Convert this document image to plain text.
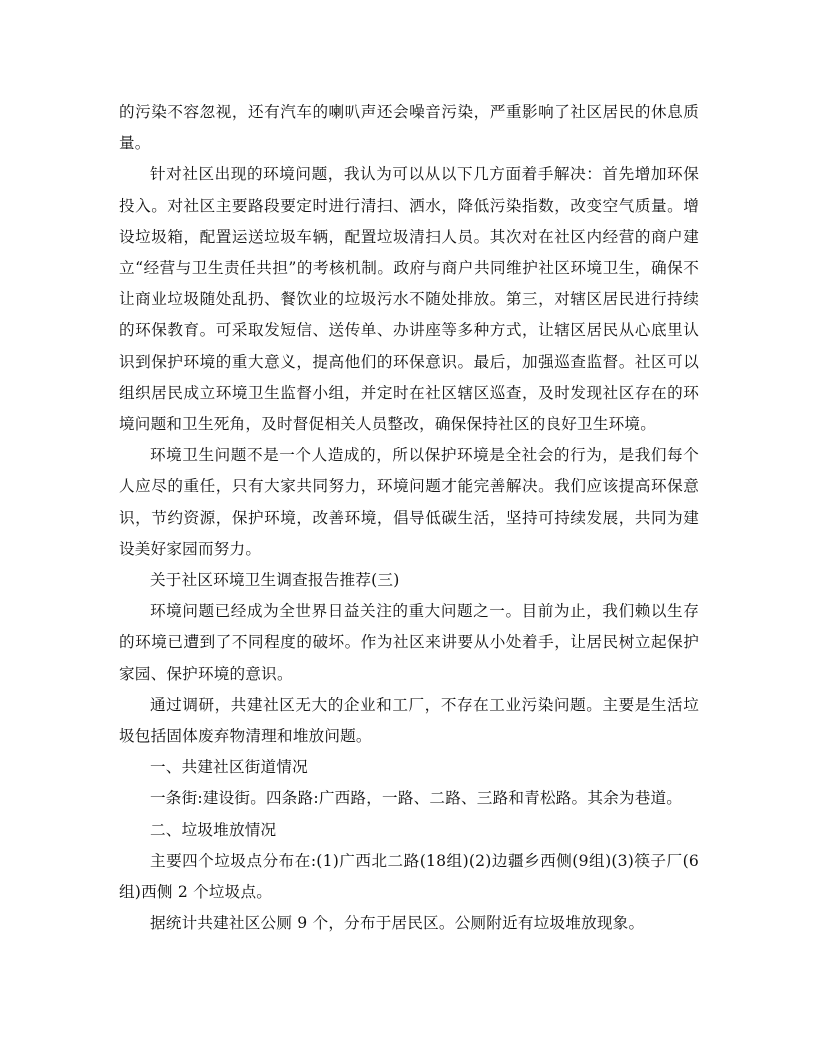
的污染不容忽视，还有汽车的喇叭声还会噪音污染，严重影响了社区居民的休息质量。

针对社区出现的环境问题，我认为可以从以下几方面着手解决：首先增加环保投入。对社区主要路段要定时进行清扫、洒水，降低污染指数，改变空气质量。增设垃圾箱，配置运送垃圾车辆，配置垃圾清扫人员。其次对在社区内经营的商户建立“经营与卫生责任共担”的考核机制。政府与商户共同维护社区环境卫生，确保不让商业垃圾随处乱扔、餐饮业的垃圾污水不随处排放。第三，对辖区居民进行持续的环保教育。可采取发短信、送传单、办讲座等多种方式，让辖区居民从心底里认识到保护环境的重大意义，提高他们的环保意识。最后，加强巡查监督。社区可以组织居民成立环境卫生监督小组，并定时在社区辖区巡查，及时发现社区存在的环境问题和卫生死角，及时督促相关人员整改，确保保持社区的良好卫生环境。

环境卫生问题不是一个人造成的，所以保护环境是全社会的行为，是我们每个人应尽的重任，只有大家共同努力，环境问题才能完善解决。我们应该提高环保意识，节约资源，保护环境，改善环境，倡导低碳生活，坚持可持续发展，共同为建设美好家园而努力。

关于社区环境卫生调查报告推荐(三)

环境问题已经成为全世界日益关注的重大问题之一。目前为止，我们赖以生存的环境已遭到了不同程度的破坏。作为社区来讲要从小处着手，让居民树立起保护家园、保护环境的意识。

通过调研，共建社区无大的企业和工厂，不存在工业污染问题。主要是生活垃圾包括固体废弃物清理和堆放问题。

一、共建社区街道情况

一条街:建设街。四条路:广西路，一路、二路、三路和青松路。其余为巷道。

二、垃圾堆放情况

主要四个垃圾点分布在:(1)广西北二路(18组)(2)边疆乡西侧(9组)(3)筷子厂(6组)西侧 2 个垃圾点。

据统计共建社区公厕 9 个，分布于居民区。公厕附近有垃圾堆放现象。
